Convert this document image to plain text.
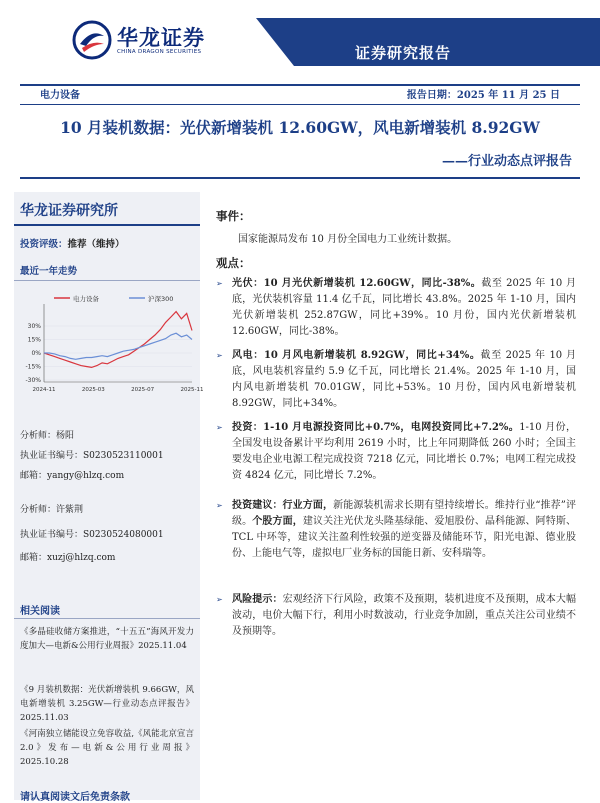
华龙证券
CHINA DRAGON SECURITIES	证券研究报告
电力设备	报告日期：2025 年 11 月 25 日
10 月装机数据：光伏新增装机 12.60GW，风电新增装机 8.92GW
——行业动态点评报告
华龙证券研究所
投资评级：推荐（维持）
最近一年走势
电力设备	沪深300
30%
15%
0%
-15%
-30%
2024-11	2025-03	2025-07	2025-11
分析师：杨阳
执业证书编号：S0230523110001
邮箱：yangy@hlzq.com
分析师：许紫荆
执业证书编号：S0230524080001
邮箱：xuzj@hlzq.com
相关阅读
《多晶硅收储方案推进，“十五五”海风开发力度加大—电新&公用行业周报》2025.11.04
《9 月装机数据：光伏新增装机 9.66GW，风电新增装机 3.25GW—行业动态点评报告》2025.11.03
《河南独立储能设立免容收益,《风能北京宣言 2.0》发布—电新&公用行业周报》2025.10.28
请认真阅读文后免责条款
事件：
国家能源局发布 10 月份全国电力工业统计数据。
观点：
➢ 光伏：10 月光伏新增装机 12.60GW，同比-38%。截至 2025 年 10 月底，光伏装机容量 11.4 亿千瓦，同比增长 43.8%。2025 年 1-10 月，国内光伏新增装机 252.87GW，同比+39%。10 月份，国内光伏新增装机 12.60GW，同比-38%。
➢ 风电：10 月风电新增装机 8.92GW，同比+34%。截至 2025 年 10 月底，风电装机容量约 5.9 亿千瓦，同比增长 21.4%。2025 年 1-10 月，国内风电新增装机 70.01GW，同比+53%。10 月份，国内风电新增装机 8.92GW，同比+34%。
➢ 投资：1-10 月电源投资同比+0.7%，电网投资同比+7.2%。1-10 月份，全国发电设备累计平均利用 2619 小时，比上年同期降低 260 小时；全国主要发电企业电源工程完成投资 7218 亿元，同比增长 0.7%；电网工程完成投资 4824 亿元，同比增长 7.2%。
➢ 投资建议：行业方面，新能源装机需求长期有望持续增长。维持行业“推荐”评级。个股方面，建议关注光伏龙头隆基绿能、爱旭股份、晶科能源、阿特斯、TCL 中环等，建议关注盈利性较强的逆变器及储能环节，阳光电源、德业股份、上能电气等，虚拟电厂业务标的国能日新、安科瑞等。
➢ 风险提示：宏观经济下行风险，政策不及预期，装机进度不及预期，成本大幅波动，电价大幅下行，利用小时数波动，行业竞争加剧，重点关注公司业绩不及预期等。
